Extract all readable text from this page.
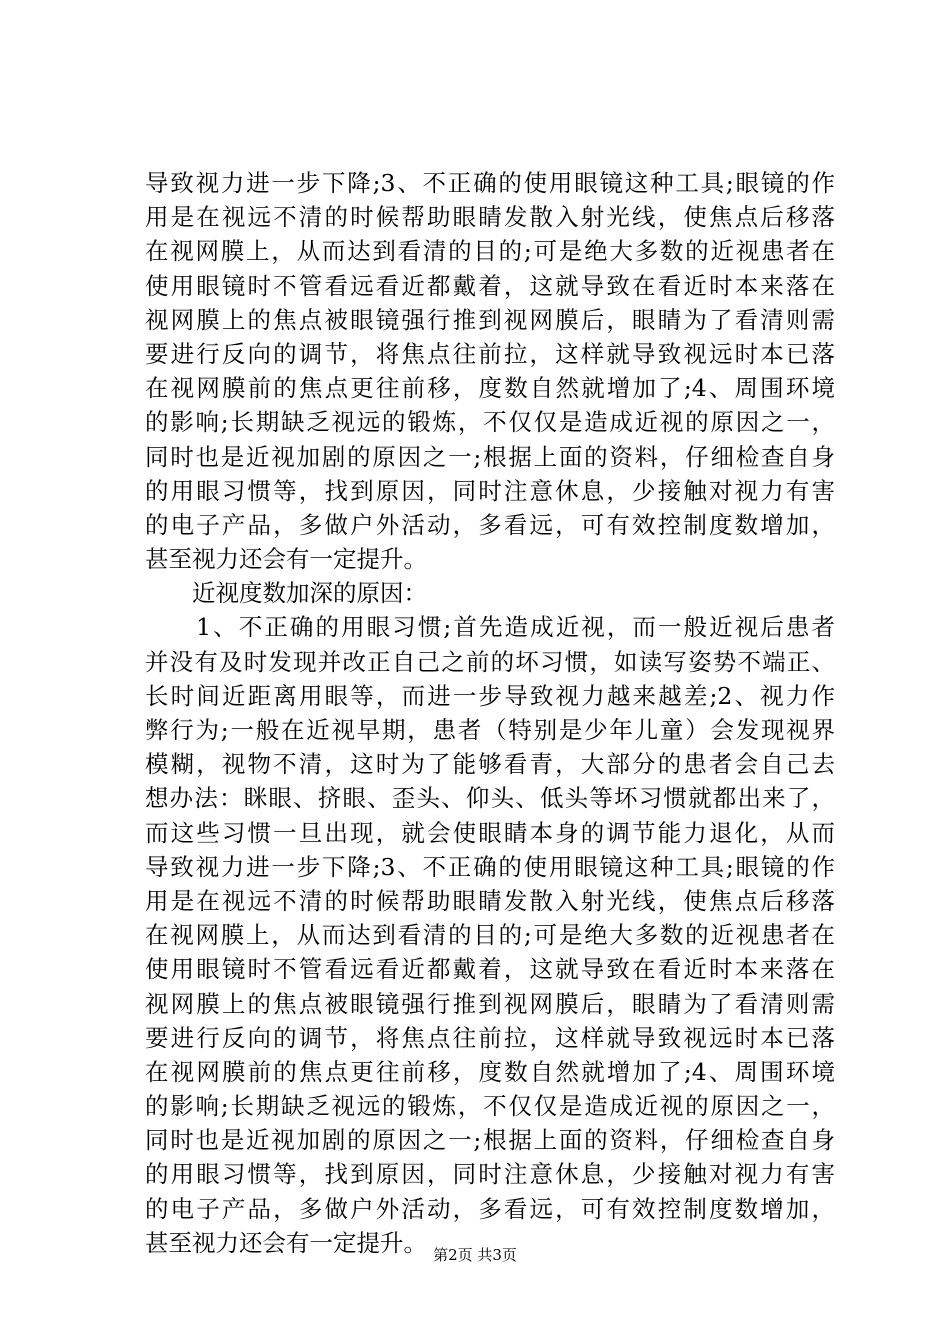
导致视力进一步下降;3、不正确的使用眼镜这种工具;眼镜的作
用是在视远不清的时候帮助眼睛发散入射光线，使焦点后移落
在视网膜上，从而达到看清的目的;可是绝大多数的近视患者在
使用眼镜时不管看远看近都戴着，这就导致在看近时本来落在
视网膜上的焦点被眼镜强行推到视网膜后，眼睛为了看清则需
要进行反向的调节，将焦点往前拉，这样就导致视远时本已落
在视网膜前的焦点更往前移，度数自然就增加了;4、周围环境
的影响;长期缺乏视远的锻炼，不仅仅是造成近视的原因之一，
同时也是近视加剧的原因之一;根据上面的资料，仔细检查自身
的用眼习惯等，找到原因，同时注意休息，少接触对视力有害
的电子产品，多做户外活动，多看远，可有效控制度数增加，
甚至视力还会有一定提升。
　　近视度数加深的原因：
　　1、不正确的用眼习惯;首先造成近视，而一般近视后患者
并没有及时发现并改正自己之前的坏习惯，如读写姿势不端正、
长时间近距离用眼等，而进一步导致视力越来越差;2、视力作
弊行为;一般在近视早期，患者（特别是少年儿童）会发现视界
模糊，视物不清，这时为了能够看青，大部分的患者会自己去
想办法：眯眼、挤眼、歪头、仰头、低头等坏习惯就都出来了，
而这些习惯一旦出现，就会使眼睛本身的调节能力退化，从而
导致视力进一步下降;3、不正确的使用眼镜这种工具;眼镜的作
用是在视远不清的时候帮助眼睛发散入射光线，使焦点后移落
在视网膜上，从而达到看清的目的;可是绝大多数的近视患者在
使用眼镜时不管看远看近都戴着，这就导致在看近时本来落在
视网膜上的焦点被眼镜强行推到视网膜后，眼睛为了看清则需
要进行反向的调节，将焦点往前拉，这样就导致视远时本已落
在视网膜前的焦点更往前移，度数自然就增加了;4、周围环境
的影响;长期缺乏视远的锻炼，不仅仅是造成近视的原因之一，
同时也是近视加剧的原因之一;根据上面的资料，仔细检查自身
的用眼习惯等，找到原因，同时注意休息，少接触对视力有害
的电子产品，多做户外活动，多看远，可有效控制度数增加，
甚至视力还会有一定提升。 第2页 共3页
